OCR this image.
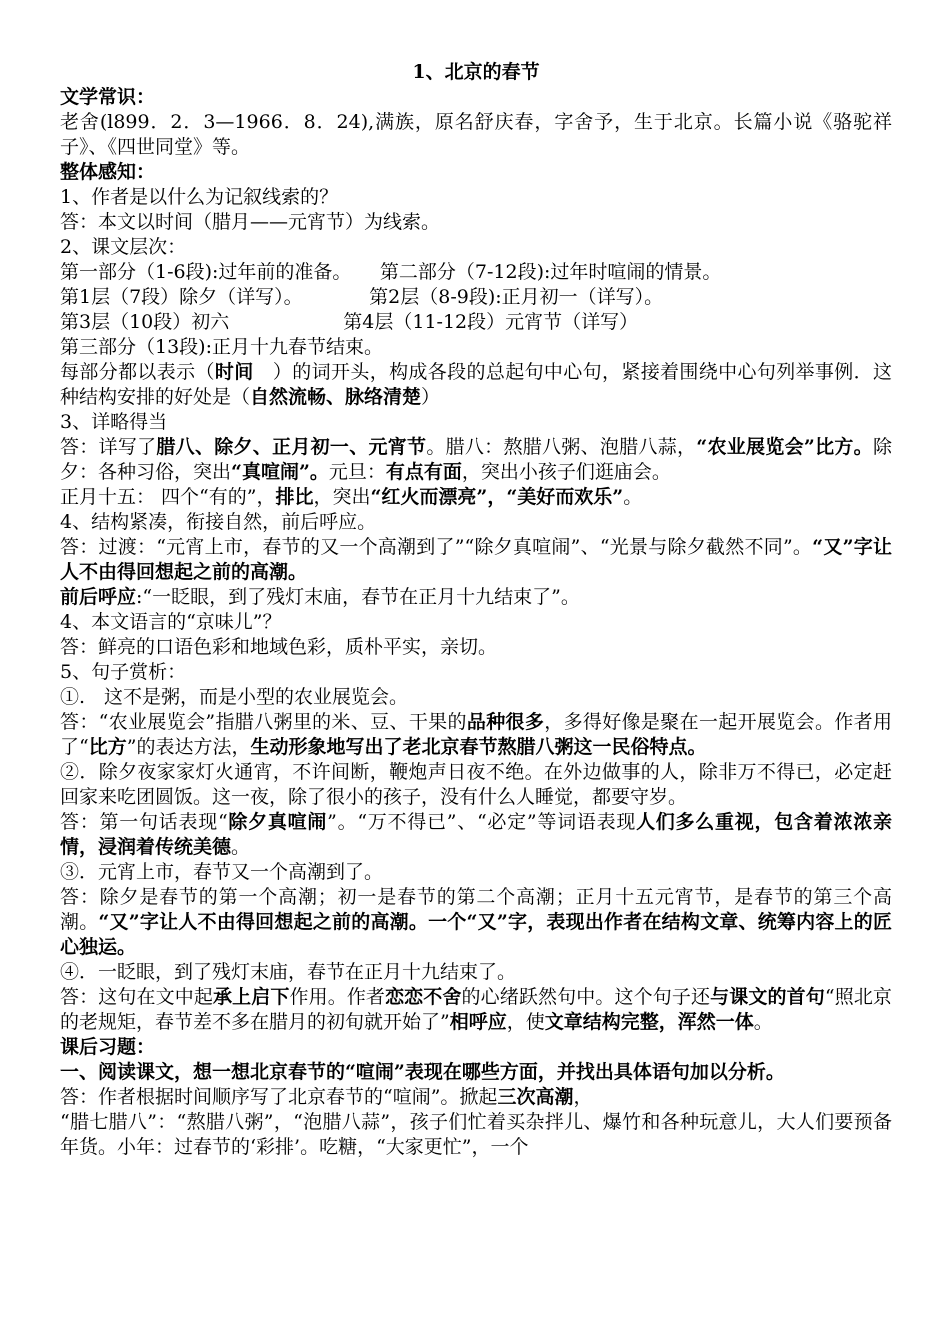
1、北京的春节

文学常识：

老舍(l899．2．3—1966．8．24),满族，原名舒庆春，字舍予，生于北京。长篇小说《骆驼祥子》、《四世同堂》等。

整体感知：

1、作者是以什么为记叙线索的？

答：本文以时间（腊月——元宵节）为线索。

2、课文层次：

第一部分（1-6段):过年前的准备。　　第二部分（7-12段):过年时喧闹的情景。

第1层（7段）除夕（详写）。　　　　第2层（8-9段):正月初一（详写）。

第3层（10段）初六　　　　　　第4层（11-12段）元宵节（详写）

第三部分（13段):正月十九春节结束。

每部分都以表示（时间　）的词开头，构成各段的总起句中心句，紧接着围绕中心句列举事例．这种结构安排的好处是（自然流畅、脉络清楚）

3、详略得当

答：详写了腊八、除夕、正月初一、元宵节。腊八：熬腊八粥、泡腊八蒜，“农业展览会”比方。除夕：各种习俗，突出“真喧闹”。元旦：有点有面，突出小孩子们逛庙会。

正月十五： 四个“有的”，排比，突出“红火而漂亮”，“美好而欢乐”。

4、结构紧凑，衔接自然，前后呼应。

答：过渡：“元宵上市，春节的又一个高潮到了”“除夕真喧闹”、“光景与除夕截然不同”。“又”字让人不由得回想起之前的高潮。

前后呼应:“一眨眼，到了残灯末庙，春节在正月十九结束了”。

4、本文语言的“京味儿”？

答：鲜亮的口语色彩和地域色彩，质朴平实，亲切。

5、句子赏析：

①.　这不是粥，而是小型的农业展览会。

答：“农业展览会”指腊八粥里的米、豆、干果的品种很多，多得好像是聚在一起开展览会。作者用了“比方”的表达方法，生动形象地写出了老北京春节熬腊八粥这一民俗特点。

②．除夕夜家家灯火通宵，不许间断，鞭炮声日夜不绝。在外边做事的人，除非万不得已，必定赶回家来吃团圆饭。这一夜，除了很小的孩子，没有什么人睡觉，都要守岁。

答：第一句话表现“除夕真喧闹”。“万不得已”、“必定”等词语表现人们多么重视，包含着浓浓亲情，浸润着传统美德。

③．元宵上市，春节又一个高潮到了。

答：除夕是春节的第一个高潮；初一是春节的第二个高潮；正月十五元宵节，是春节的第三个高潮。“又”字让人不由得回想起之前的高潮。一个“又”字，表现出作者在结构文章、统筹内容上的匠心独运。

④．一眨眼，到了残灯末庙，春节在正月十九结束了。

答：这句在文中起承上启下作用。作者恋恋不舍的心绪跃然句中。这个句子还与课文的首句“照北京的老规矩，春节差不多在腊月的初旬就开始了”相呼应，使文章结构完整，浑然一体。

课后习题：

一、阅读课文，想一想北京春节的“喧闹”表现在哪些方面，并找出具体语句加以分析。

答：作者根据时间顺序写了北京春节的“喧闹”。掀起三次高潮，

“腊七腊八”：“熬腊八粥”，“泡腊八蒜”，孩子们忙着买杂拌儿、爆竹和各种玩意儿，大人们要预备年货。小年：过春节的‘彩排’。吃糖，“大家更忙”，一个
